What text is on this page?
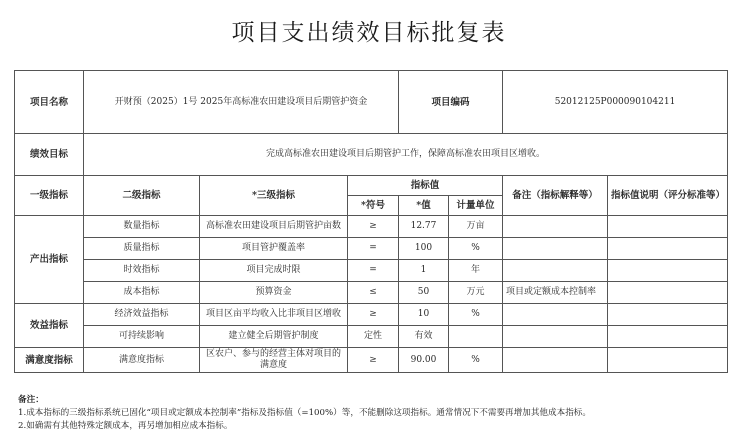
项目支出绩效目标批复表
项目名称	开财预（2025）1号 2025年高标准农田建设项目后期管护资金			项目编码		52012125P000090104211	
绩效目标	完成高标准农田建设项目后期管护工作，保障高标准农田项目区增收。						
一级指标	二级指标	*三级指标	指标值			备注（指标解释等）	指标值说明（评分标准等）
			*符号	*值	计量单位		
产出指标	数量指标	高标准农田建设项目后期管护亩数	≥	12.77	万亩		
	质量指标	项目管护覆盖率	=	100	%		
	时效指标	项目完成时限	=	1	年		
	成本指标	预算资金	≤	50	万元	项目或定额成本控制率	
效益指标	经济效益指标	项目区亩平均收入比非项目区增收	≥	10	%		
	可持续影响	建立健全后期管护制度	定性	有效			
满意度指标	满意度指标	区农户、参与的经营主体对项目的满意度	≥	90.00	%		
备注：
1.成本指标的三级指标系统已固化“项目或定额成本控制率”指标及指标值（=100%）等，不能删除这项指标。通常情况下不需要再增加其他成本指标。
2.如确需有其他特殊定额成本，再另增加相应成本指标。
